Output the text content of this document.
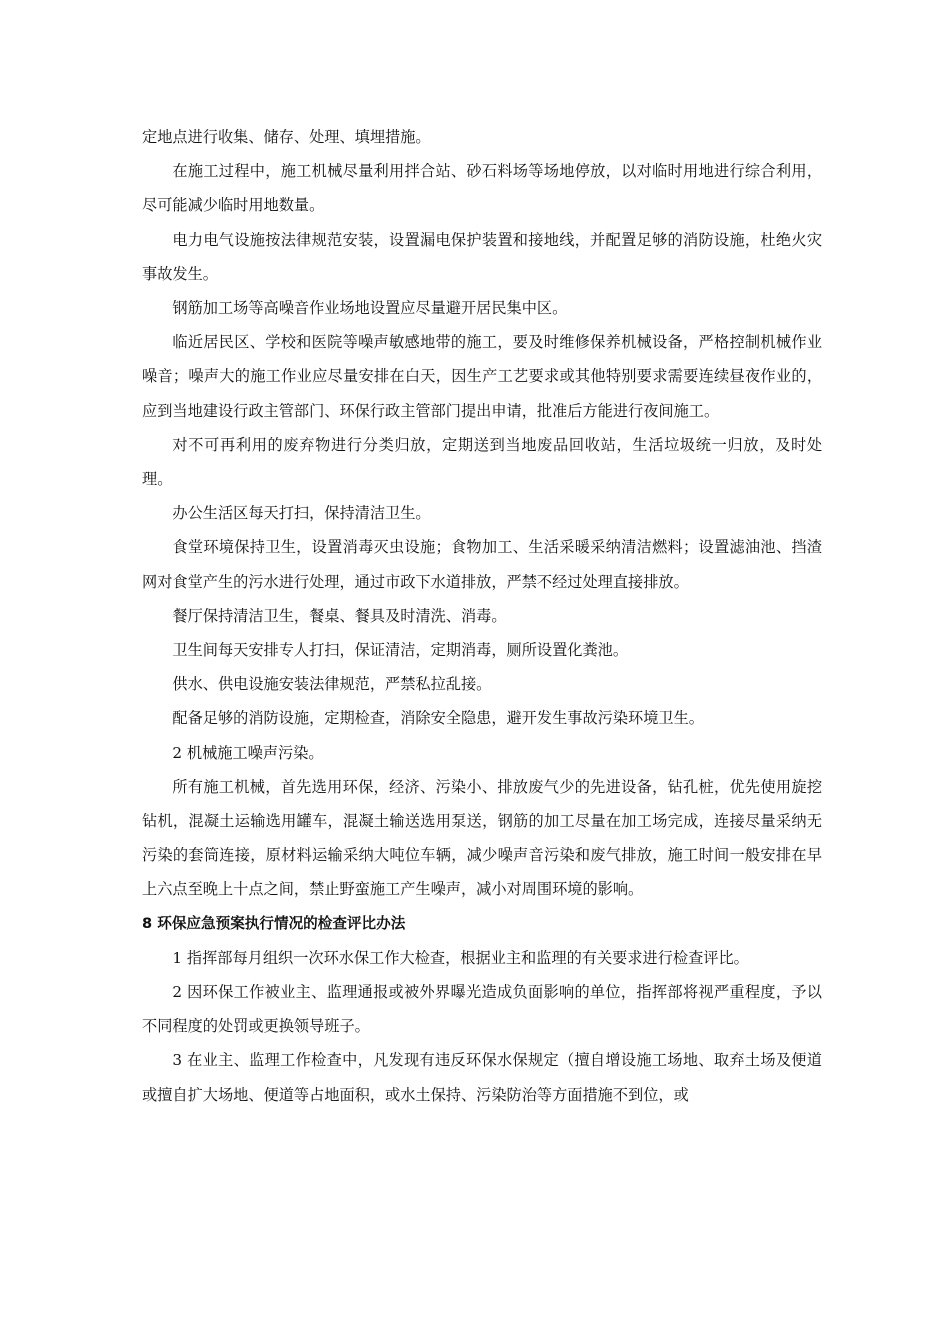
定地点进行收集、储存、处理、填埋措施。

在施工过程中，施工机械尽量利用拌合站、砂石料场等场地停放，以对临时用地进行综合利用，尽可能减少临时用地数量。

电力电气设施按法律规范安装，设置漏电保护装置和接地线，并配置足够的消防设施，杜绝火灾事故发生。

钢筋加工场等高噪音作业场地设置应尽量避开居民集中区。

临近居民区、学校和医院等噪声敏感地带的施工，要及时维修保养机械设备，严格控制机械作业噪音；噪声大的施工作业应尽量安排在白天，因生产工艺要求或其他特别要求需要连续昼夜作业的，应到当地建设行政主管部门、环保行政主管部门提出申请，批准后方能进行夜间施工。

对不可再利用的废弃物进行分类归放，定期送到当地废品回收站，生活垃圾统一归放，及时处理。

办公生活区每天打扫，保持清洁卫生。

食堂环境保持卫生，设置消毒灭虫设施；食物加工、生活采暖采纳清洁燃料；设置滤油池、挡渣网对食堂产生的污水进行处理，通过市政下水道排放，严禁不经过处理直接排放。

餐厅保持清洁卫生，餐桌、餐具及时清洗、消毒。

卫生间每天安排专人打扫，保证清洁，定期消毒，厕所设置化粪池。

供水、供电设施安装法律规范，严禁私拉乱接。

配备足够的消防设施，定期检查，消除安全隐患，避开发生事故污染环境卫生。

2 机械施工噪声污染。

所有施工机械，首先选用环保，经济、污染小、排放废气少的先进设备，钻孔桩，优先使用旋挖钻机，混凝土运输选用罐车，混凝土输送选用泵送，钢筋的加工尽量在加工场完成，连接尽量采纳无污染的套筒连接，原材料运输采纳大吨位车辆，减少噪声音污染和废气排放，施工时间一般安排在早上六点至晚上十点之间，禁止野蛮施工产生噪声，减小对周围环境的影响。

8 环保应急预案执行情况的检查评比办法

1 指挥部每月组织一次环水保工作大检查，根据业主和监理的有关要求进行检查评比。

2 因环保工作被业主、监理通报或被外界曝光造成负面影响的单位，指挥部将视严重程度，予以不同程度的处罚或更换领导班子。

3 在业主、监理工作检查中，凡发现有违反环保水保规定（擅自增设施工场地、取弃土场及便道或擅自扩大场地、便道等占地面积，或水土保持、污染防治等方面措施不到位，或
